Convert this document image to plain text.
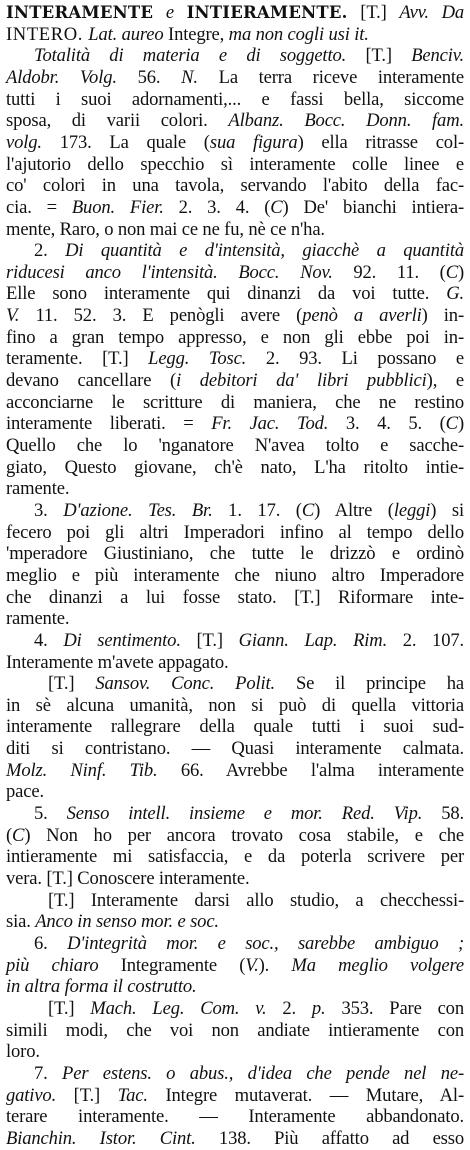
INTERAMENTE e INTIERAMENTE. [T.] Avv. Da
INTERO. Lat. aureo Integre, ma non cogli usi it.
Totalità di materia e di soggetto. [T.] Benciv.
Aldobr. Volg. 56. N. La terra riceve interamente
tutti i suoi adornamenti,... e fassi bella, siccome
sposa, di varii colori. Albanz. Bocc. Donn. fam.
volg. 173. La quale (sua figura) ella ritrasse col-
l'ajutorio dello specchio sì interamente colle linee e
co' colori in una tavola, servando l'abito della fac-
cia. = Buon. Fier. 2. 3. 4. (C) De' bianchi intiera-
mente, Raro, o non mai ce ne fu, nè ce n'ha.
2. Di quantità e d'intensità, giacchè a quantità
riducesi anco l'intensità. Bocc. Nov. 92. 11. (C)
Elle sono interamente qui dinanzi da voi tutte. G.
V. 11. 52. 3. E penògli avere (penò a averli) in-
fino a gran tempo appresso, e non gli ebbe poi in-
teramente. [T.] Legg. Tosc. 2. 93. Li possano e
devano cancellare (i debitori da' libri pubblici), e
acconciarne le scritture di maniera, che ne restino
interamente liberati. = Fr. Jac. Tod. 3. 4. 5. (C)
Quello che lo 'nganatore N'avea tolto e sacche-
giato, Questo giovane, ch'è nato, L'ha ritolto intie-
ramente.
3. D'azione. Tes. Br. 1. 17. (C) Altre (leggi) si
fecero poi gli altri Imperadori infino al tempo dello
'mperadore Giustiniano, che tutte le drizzò e ordinò
meglio e più interamente che niuno altro Imperadore
che dinanzi a lui fosse stato. [T.] Riformare inte-
ramente.
4. Di sentimento. [T.] Giann. Lap. Rim. 2. 107.
Interamente m'avete appagato.
[T.] Sansov. Conc. Polit. Se il principe ha
in sè alcuna umanità, non si può di quella vittoria
interamente rallegrare della quale tutti i suoi sud-
diti si contristano. — Quasi interamente calmata.
Molz. Ninf. Tib. 66. Avrebbe l'alma interamente
pace.
5. Senso intell. insieme e mor. Red. Vip. 58.
(C) Non ho per ancora trovato cosa stabile, e che
intieramente mi satisfaccia, e da poterla scrivere per
vera. [T.] Conoscere interamente.
[T.] Interamente darsi allo studio, a checchessi-
sia. Anco in senso mor. e soc.
6. D'integrità mor. e soc., sarebbe ambiguo ;
più chiaro Integramente (V.). Ma meglio volgere
in altra forma il costrutto.
[T.] Mach. Leg. Com. v. 2. p. 353. Pare con
simili modi, che voi non andiate intieramente con
loro.
7. Per estens. o abus., d'idea che pende nel ne-
gativo. [T.] Tac. Integre mutaverat. — Mutare, Al-
terare interamente. — Interamente abbandonato.
Bianchin. Istor. Cint. 138. Più affatto ad esso
